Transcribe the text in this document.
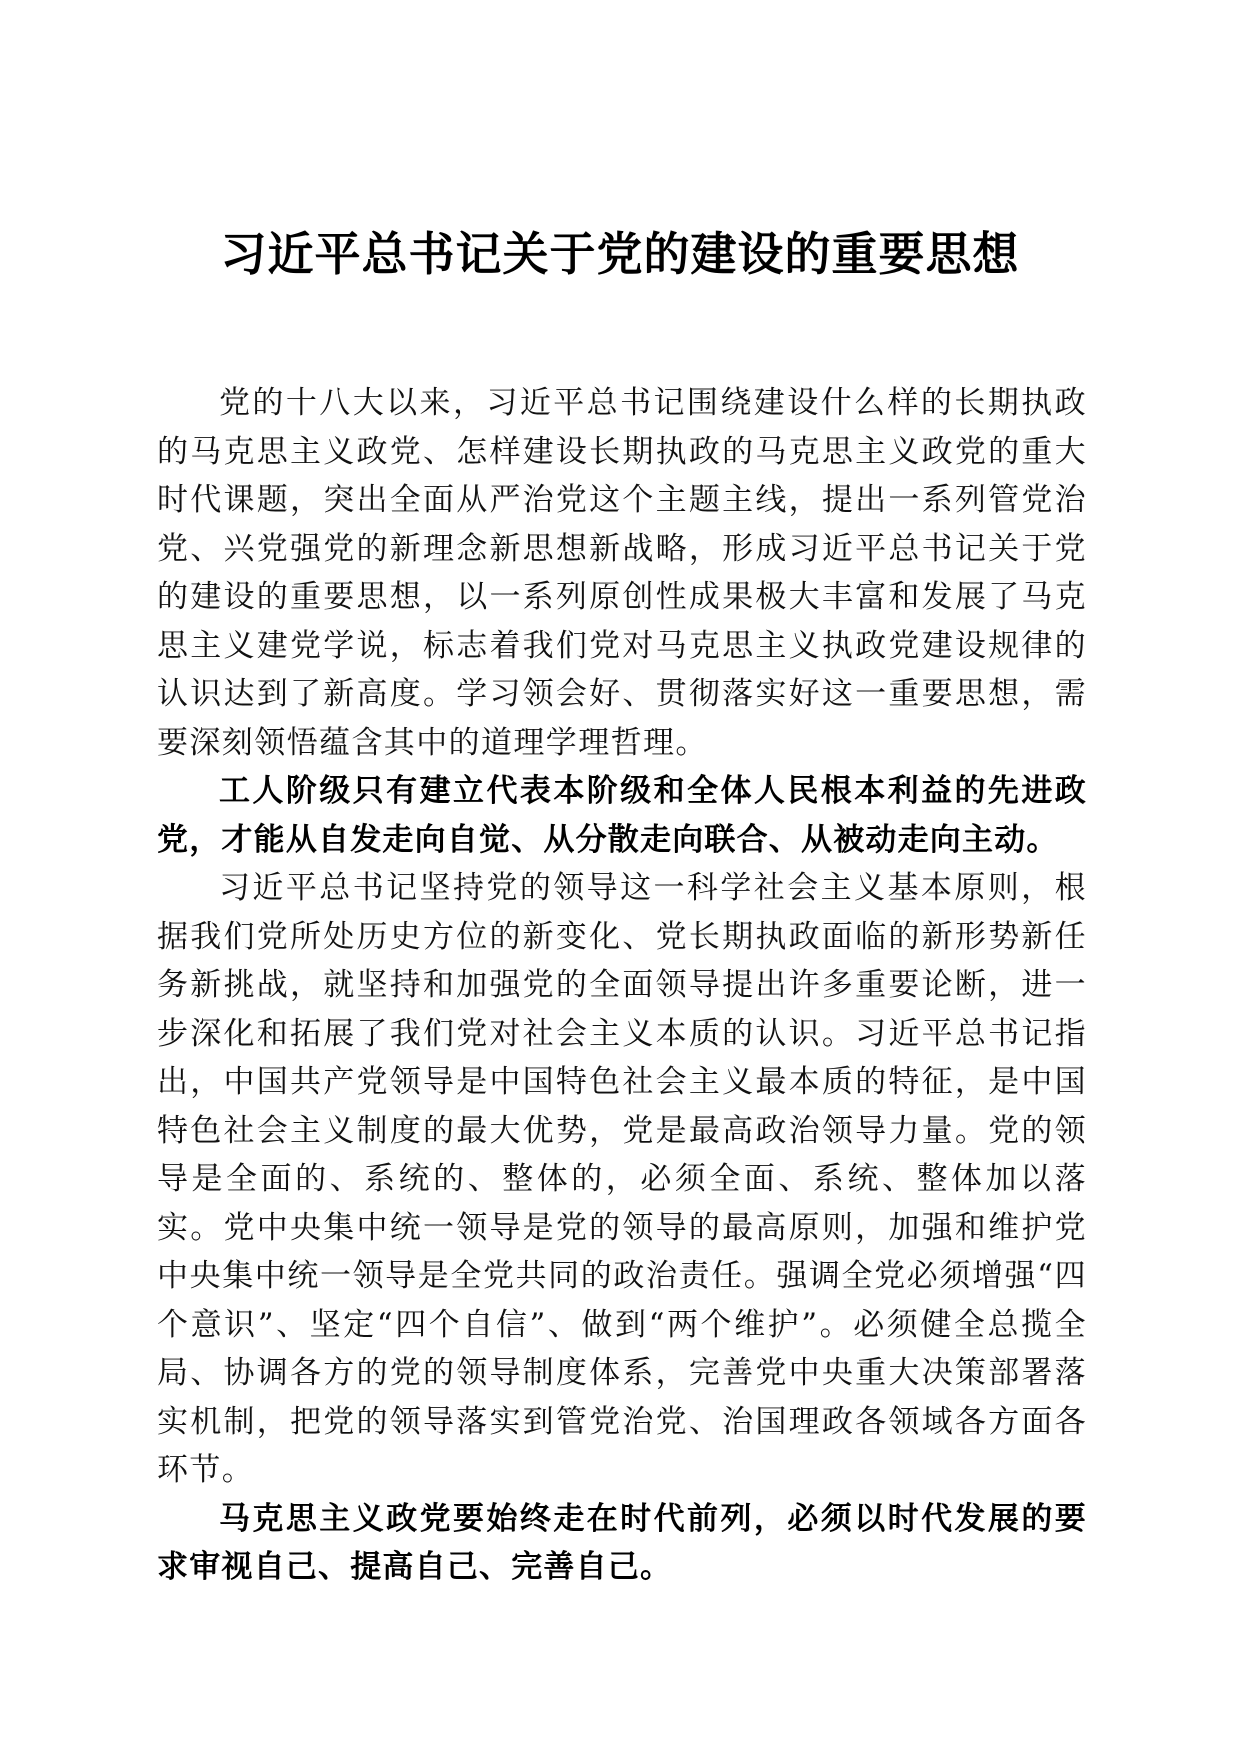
习近平总书记关于党的建设的重要思想

党的十八大以来，习近平总书记围绕建设什么样的长期执政的马克思主义政党、怎样建设长期执政的马克思主义政党的重大时代课题，突出全面从严治党这个主题主线，提出一系列管党治党、兴党强党的新理念新思想新战略，形成习近平总书记关于党的建设的重要思想，以一系列原创性成果极大丰富和发展了马克思主义建党学说，标志着我们党对马克思主义执政党建设规律的认识达到了新高度。学习领会好、贯彻落实好这一重要思想，需要深刻领悟蕴含其中的道理学理哲理。

工人阶级只有建立代表本阶级和全体人民根本利益的先进政党，才能从自发走向自觉、从分散走向联合、从被动走向主动。

习近平总书记坚持党的领导这一科学社会主义基本原则，根据我们党所处历史方位的新变化、党长期执政面临的新形势新任务新挑战，就坚持和加强党的全面领导提出许多重要论断，进一步深化和拓展了我们党对社会主义本质的认识。习近平总书记指出，中国共产党领导是中国特色社会主义最本质的特征，是中国特色社会主义制度的最大优势，党是最高政治领导力量。党的领导是全面的、系统的、整体的，必须全面、系统、整体加以落实。党中央集中统一领导是党的领导的最高原则，加强和维护党中央集中统一领导是全党共同的政治责任。强调全党必须增强“四个意识”、坚定“四个自信”、做到“两个维护”。必须健全总揽全局、协调各方的党的领导制度体系，完善党中央重大决策部署落实机制，把党的领导落实到管党治党、治国理政各领域各方面各环节。

马克思主义政党要始终走在时代前列，必须以时代发展的要求审视自己、提高自己、完善自己。
